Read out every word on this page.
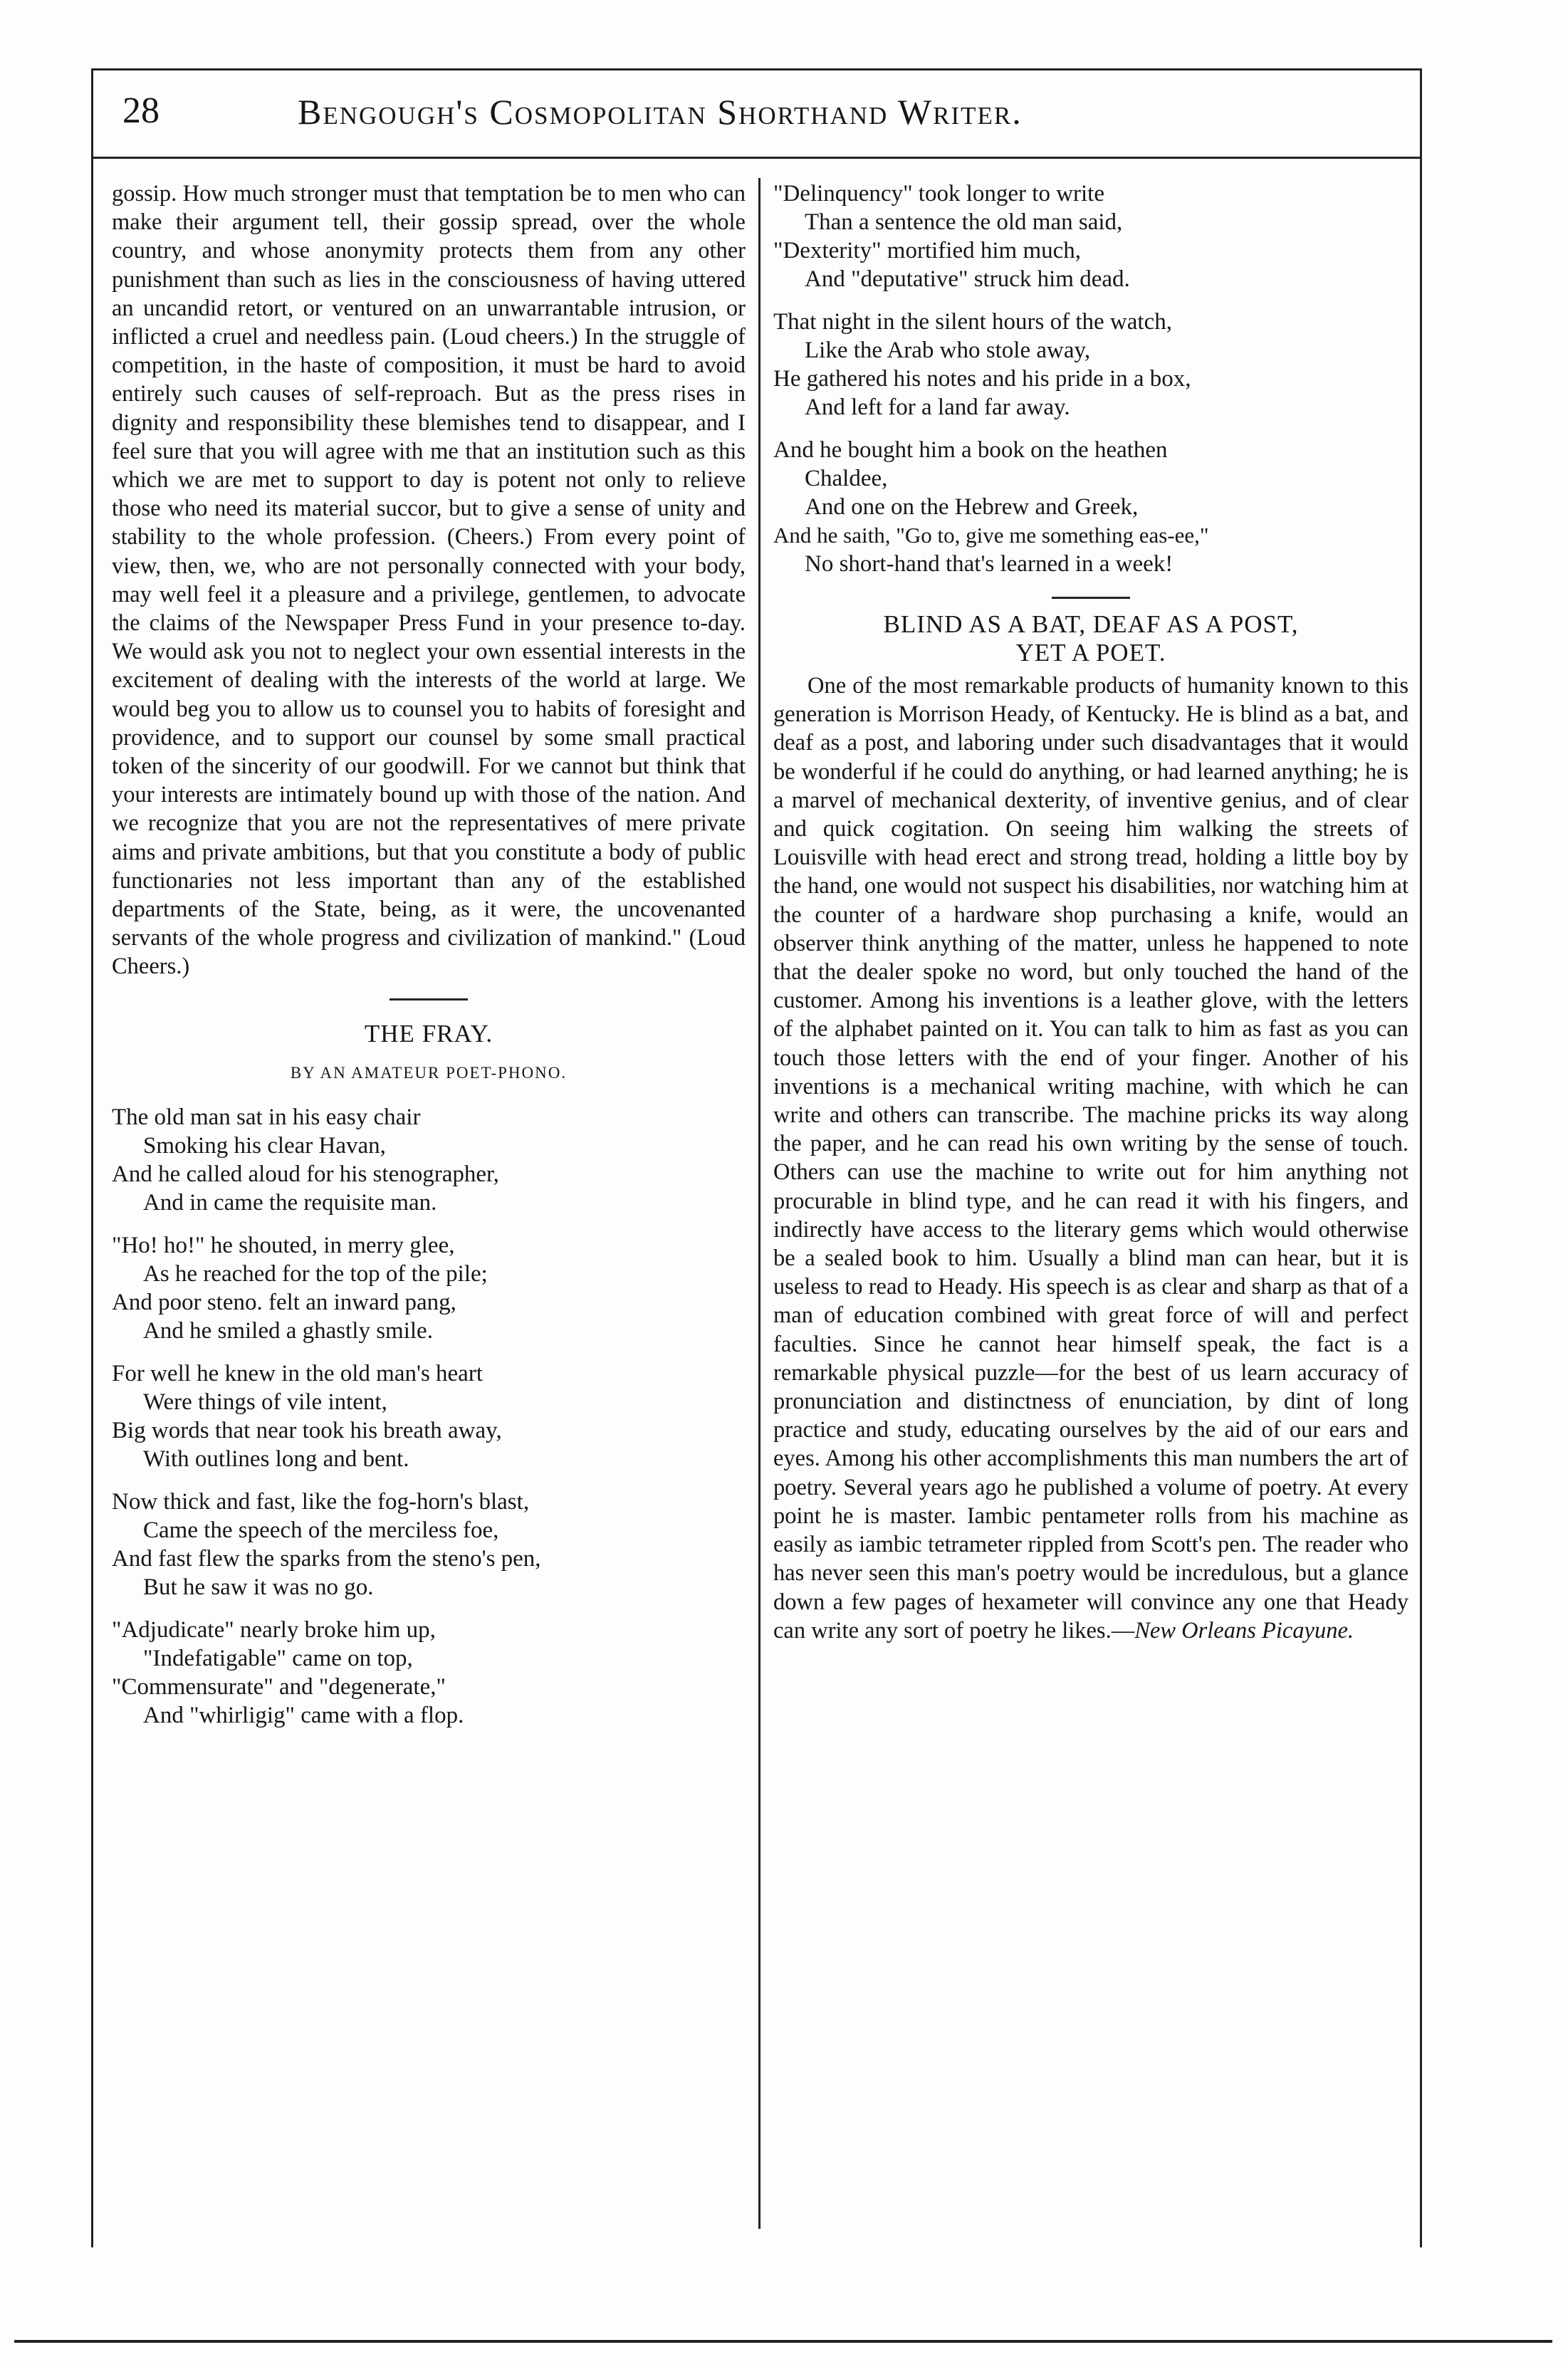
28	Bengough's Cosmopolitan Shorthand Writer.

gossip. How much stronger must that temptation be to men who can make their argument tell, their gossip spread, over the whole country, and whose anonymity protects them from any other punishment than such as lies in the consciousness of having uttered an uncandid retort, or ventured on an unwarrantable intrusion, or inflicted a cruel and needless pain. (Loud cheers.) In the struggle of competition, in the haste of composition, it must be hard to avoid entirely such causes of self-reproach. But as the press rises in dignity and responsibility these blemishes tend to disappear, and I feel sure that you will agree with me that an institution such as this which we are met to support to day is potent not only to relieve those who need its material succor, but to give a sense of unity and stability to the whole profession. (Cheers.) From every point of view, then, we, who are not personally connected with your body, may well feel it a pleasure and a privilege, gentlemen, to advocate the claims of the Newspaper Press Fund in your presence to-day. We would ask you not to neglect your own essential interests in the excitement of dealing with the interests of the world at large. We would beg you to allow us to counsel you to habits of foresight and providence, and to support our counsel by some small practical token of the sincerity of our goodwill. For we cannot but think that your interests are intimately bound up with those of the nation. And we recognize that you are not the representatives of mere private aims and private ambitions, but that you constitute a body of public functionaries not less important than any of the established departments of the State, being, as it were, the uncovenanted servants of the whole progress and civilization of mankind." (Loud Cheers.)

THE FRAY.
BY AN AMATEUR POET-PHONO.
The old man sat in his easy chair
Smoking his clear Havan,
And he called aloud for his stenographer,
And in came the requisite man.
"Ho! ho!" he shouted, in merry glee,
As he reached for the top of the pile;
And poor steno. felt an inward pang,
And he smiled a ghastly smile.
For well he knew in the old man's heart
Were things of vile intent,
Big words that near took his breath away,
With outlines long and bent.
Now thick and fast, like the fog-horn's blast,
Came the speech of the merciless foe,
And fast flew the sparks from the steno's pen,
But he saw it was no go.
"Adjudicate" nearly broke him up,
"Indefatigable" came on top,
"Commensurate" and "degenerate,"
And "whirligig" came with a flop.
"Delinquency" took longer to write
Than a sentence the old man said,
"Dexterity" mortified him much,
And "deputative" struck him dead.
That night in the silent hours of the watch,
Like the Arab who stole away,
He gathered his notes and his pride in a box,
And left for a land far away.
And he bought him a book on the heathen
Chaldee,
And one on the Hebrew and Greek,
And he saith, "Go to, give me something eas-ee,"
No short-hand that's learned in a week!
BLIND AS A BAT, DEAF AS A POST,
YET A POET.

One of the most remarkable products of humanity known to this generation is Morrison Heady, of Kentucky. He is blind as a bat, and deaf as a post, and laboring under such disadvantages that it would be wonderful if he could do anything, or had learned anything; he is a marvel of mechanical dexterity, of inventive genius, and of clear and quick cogitation. On seeing him walking the streets of Louisville with head erect and strong tread, holding a little boy by the hand, one would not suspect his disabilities, nor watching him at the counter of a hardware shop purchasing a knife, would an observer think anything of the matter, unless he happened to note that the dealer spoke no word, but only touched the hand of the customer. Among his inventions is a leather glove, with the letters of the alphabet painted on it. You can talk to him as fast as you can touch those letters with the end of your finger. Another of his inventions is a mechanical writing machine, with which he can write and others can transcribe. The machine pricks its way along the paper, and he can read his own writing by the sense of touch. Others can use the machine to write out for him anything not procurable in blind type, and he can read it with his fingers, and indirectly have access to the literary gems which would otherwise be a sealed book to him. Usually a blind man can hear, but it is useless to read to Heady. His speech is as clear and sharp as that of a man of education combined with great force of will and perfect faculties. Since he cannot hear himself speak, the fact is a remarkable physical puzzle—for the best of us learn accuracy of pronunciation and distinctness of enunciation, by dint of long practice and study, educating ourselves by the aid of our ears and eyes. Among his other accomplishments this man numbers the art of poetry. Several years ago he published a volume of poetry. At every point he is master. Iambic pentameter rolls from his machine as easily as iambic tetrameter rippled from Scott's pen. The reader who has never seen this man's poetry would be incredulous, but a glance down a few pages of hexameter will convince any one that Heady can write any sort of poetry he likes.—New Orleans Picayune.
